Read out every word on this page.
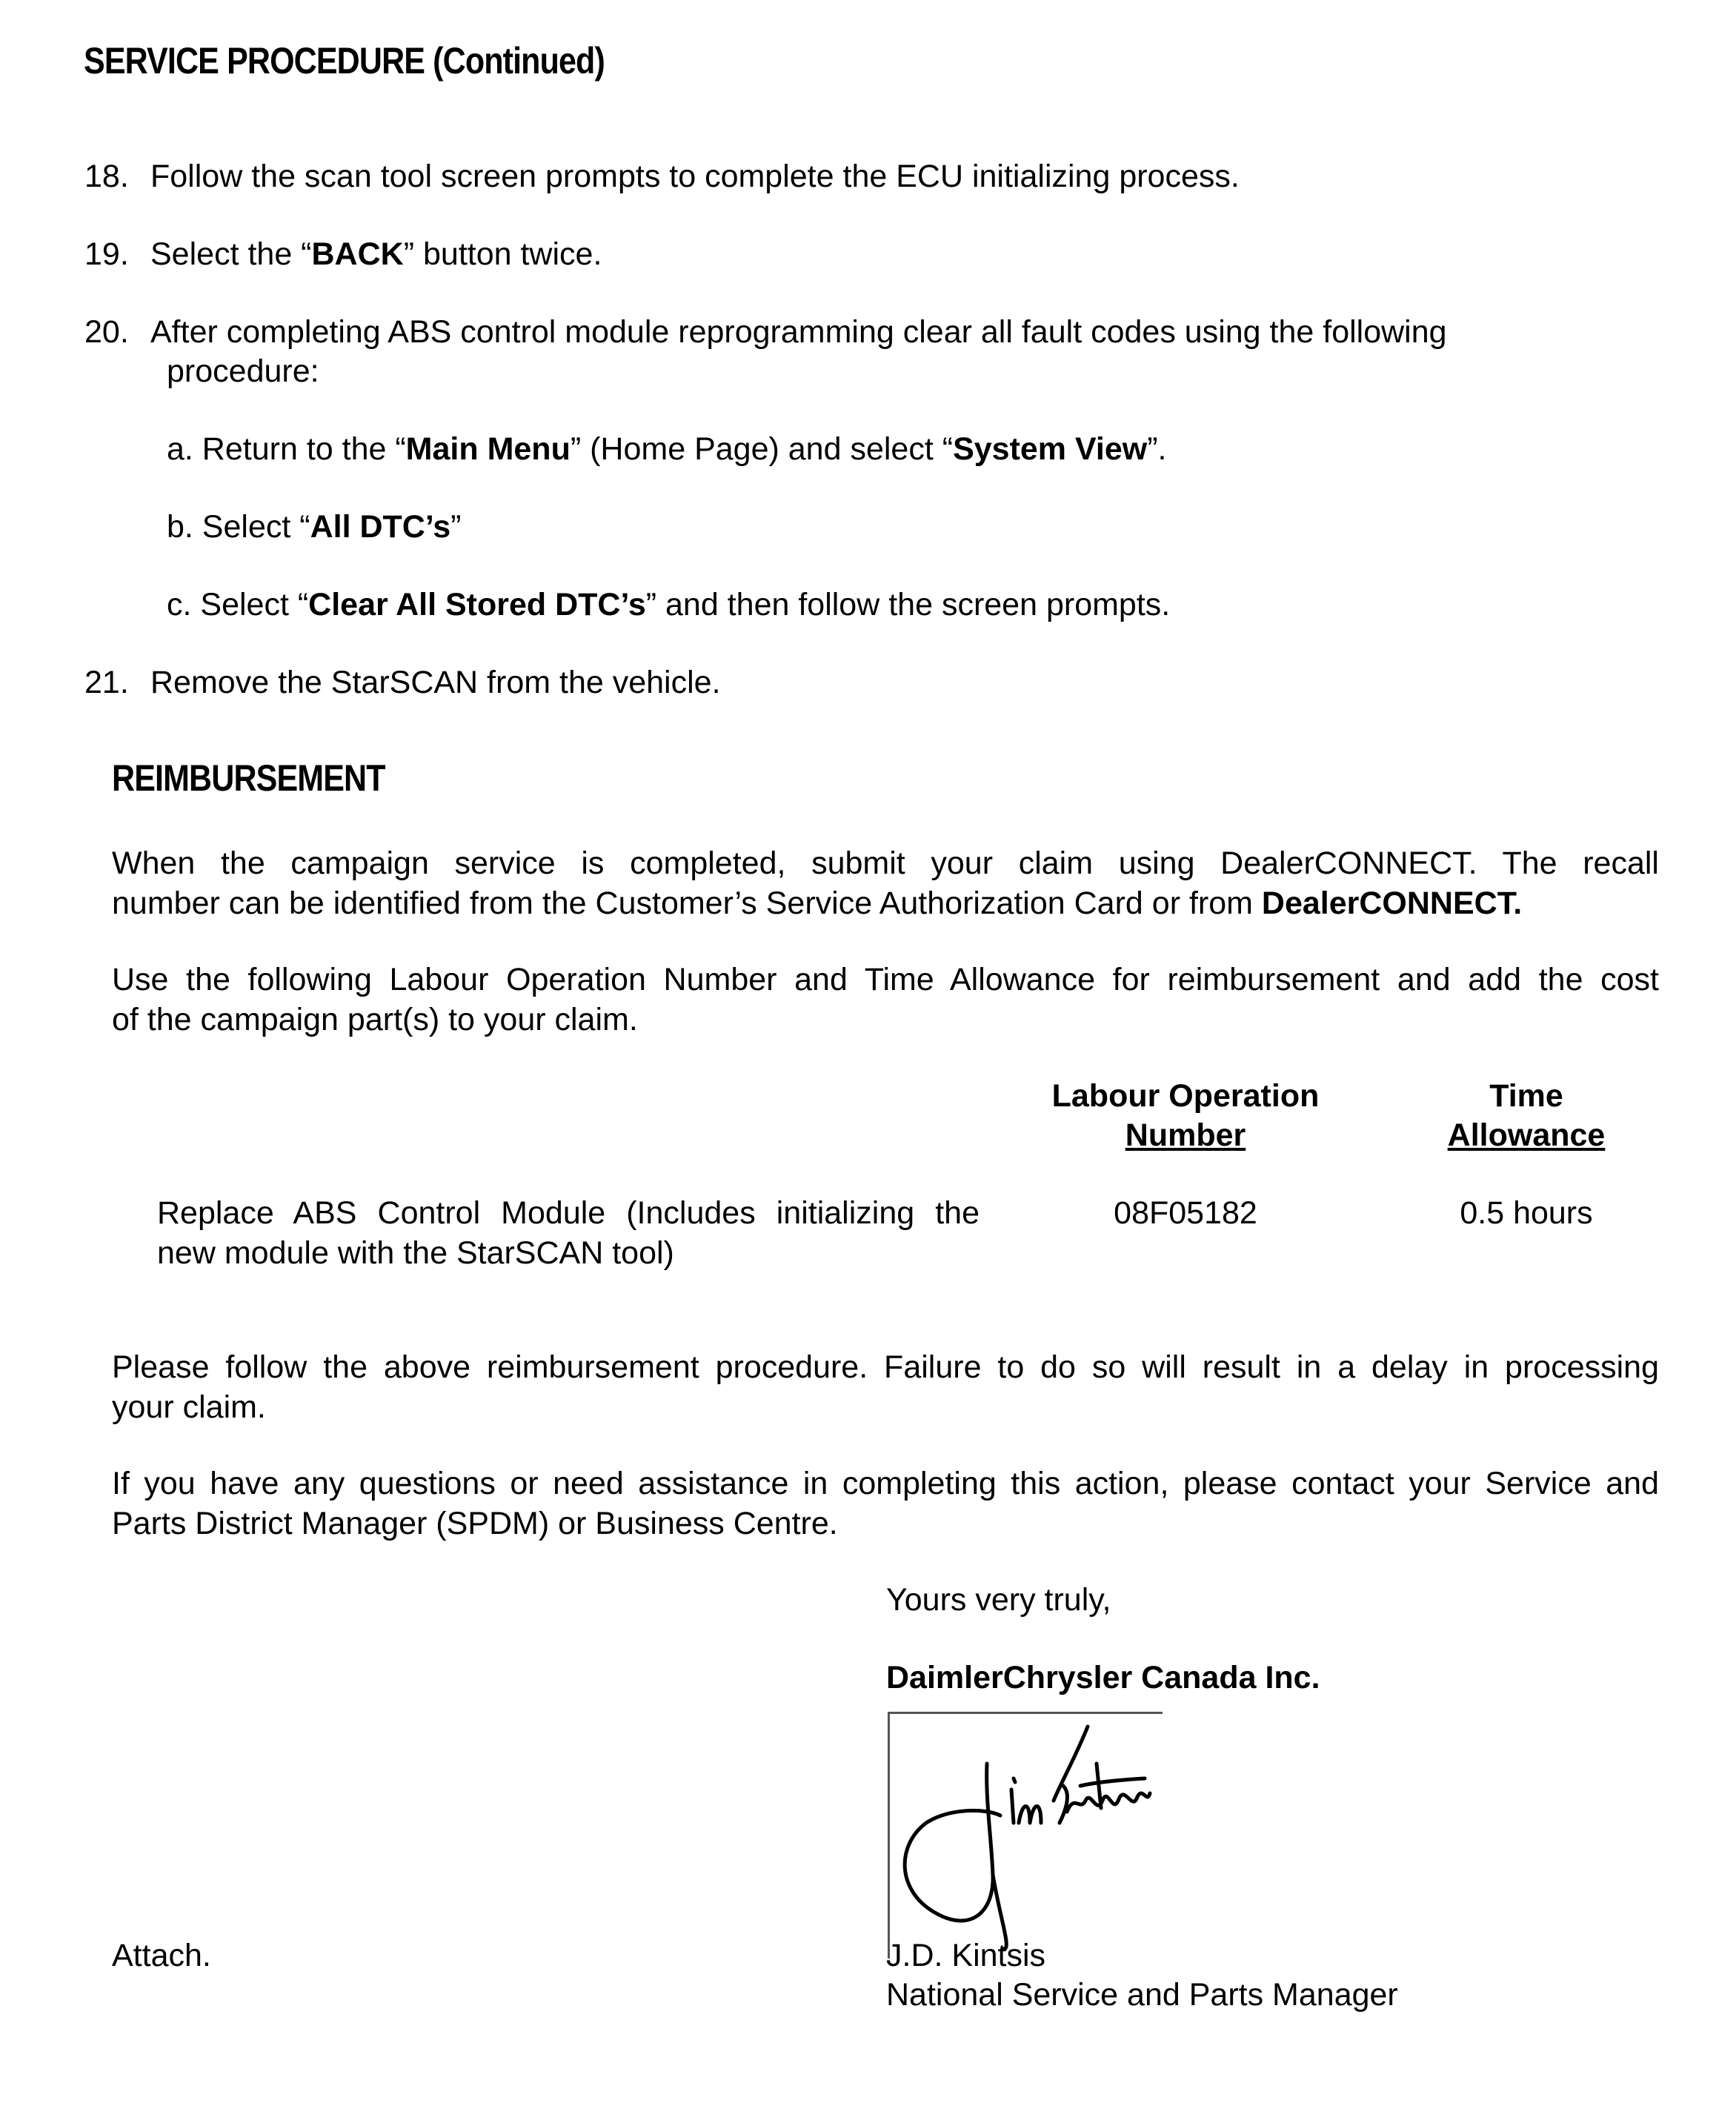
SERVICE PROCEDURE (Continued)
18. Follow the scan tool screen prompts to complete the ECU initializing process.
19. Select the “BACK” button twice.
20. After completing ABS control module reprogramming clear all fault codes using the following
procedure:
a. Return to the “Main Menu” (Home Page) and select “System View”.
b. Select “All DTC’s”
c. Select “Clear All Stored DTC’s” and then follow the screen prompts.
21. Remove the StarSCAN from the vehicle.
REIMBURSEMENT
When the campaign service is completed, submit your claim using DealerCONNECT. The recall
number can be identified from the Customer’s Service Authorization Card or from DealerCONNECT.
Use the following Labour Operation Number and Time Allowance for reimbursement and add the cost
of the campaign part(s) to your claim.
Labour Operation
Number
Time
Allowance
Replace ABS Control Module (Includes initializing the
new module with the StarSCAN tool)
08F05182	0.5 hours
Please follow the above reimbursement procedure. Failure to do so will result in a delay in processing
your claim.
If you have any questions or need assistance in completing this action, please contact your Service and
Parts District Manager (SPDM) or Business Centre.
Yours very truly,
DaimlerChrysler Canada Inc.
J.D. Kintsis
National Service and Parts Manager
Attach.
